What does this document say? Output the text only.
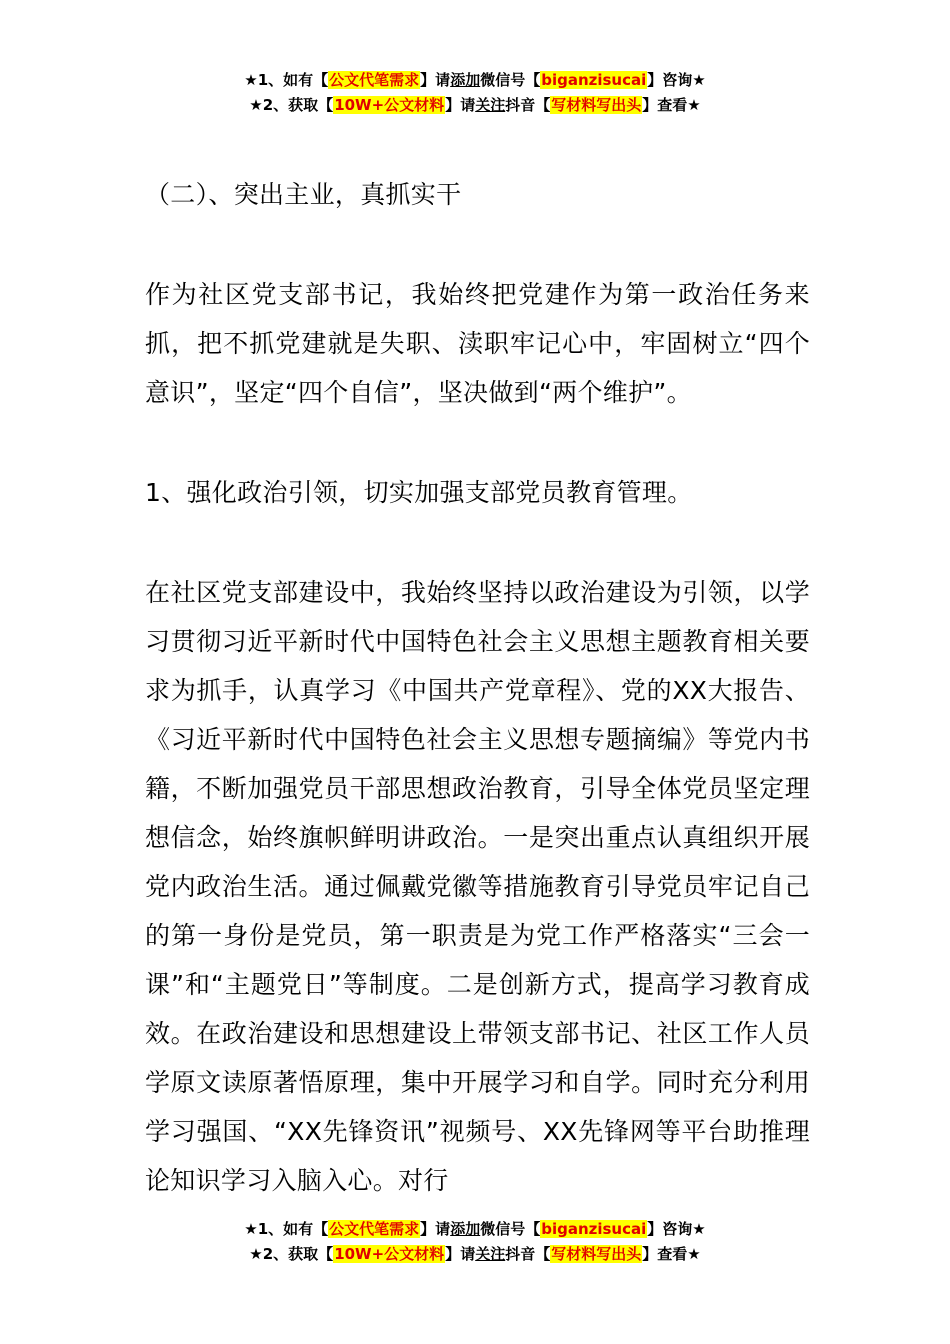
★1、如有【公文代笔需求】请添加微信号【biganzisucai】咨询★
★2、获取【10W+公文材料】请关注抖音【写材料写出头】查看★

（二）、突出主业，真抓实干

作为社区党支部书记，我始终把党建作为第一政治任务来抓，把不抓党建就是失职、渎职牢记心中，牢固树立“四个意识”，坚定“四个自信”，坚决做到“两个维护”。

1、强化政治引领，切实加强支部党员教育管理。

在社区党支部建设中，我始终坚持以政治建设为引领，以学习贯彻习近平新时代中国特色社会主义思想主题教育相关要求为抓手，认真学习《中国共产党章程》、党的XX大报告、《习近平新时代中国特色社会主义思想专题摘编》等党内书籍，不断加强党员干部思想政治教育，引导全体党员坚定理想信念，始终旗帜鲜明讲政治。一是突出重点认真组织开展党内政治生活。通过佩戴党徽等措施教育引导党员牢记自己的第一身份是党员，第一职责是为党工作严格落实“三会一课”和“主题党日”等制度。二是创新方式，提高学习教育成效。在政治建设和思想建设上带领支部书记、社区工作人员学原文读原著悟原理，集中开展学习和自学。同时充分利用学习强国、“XX先锋资讯”视频号、XX先锋网等平台助推理论知识学习入脑入心。对行

★1、如有【公文代笔需求】请添加微信号【biganzisucai】咨询★
★2、获取【10W+公文材料】请关注抖音【写材料写出头】查看★
